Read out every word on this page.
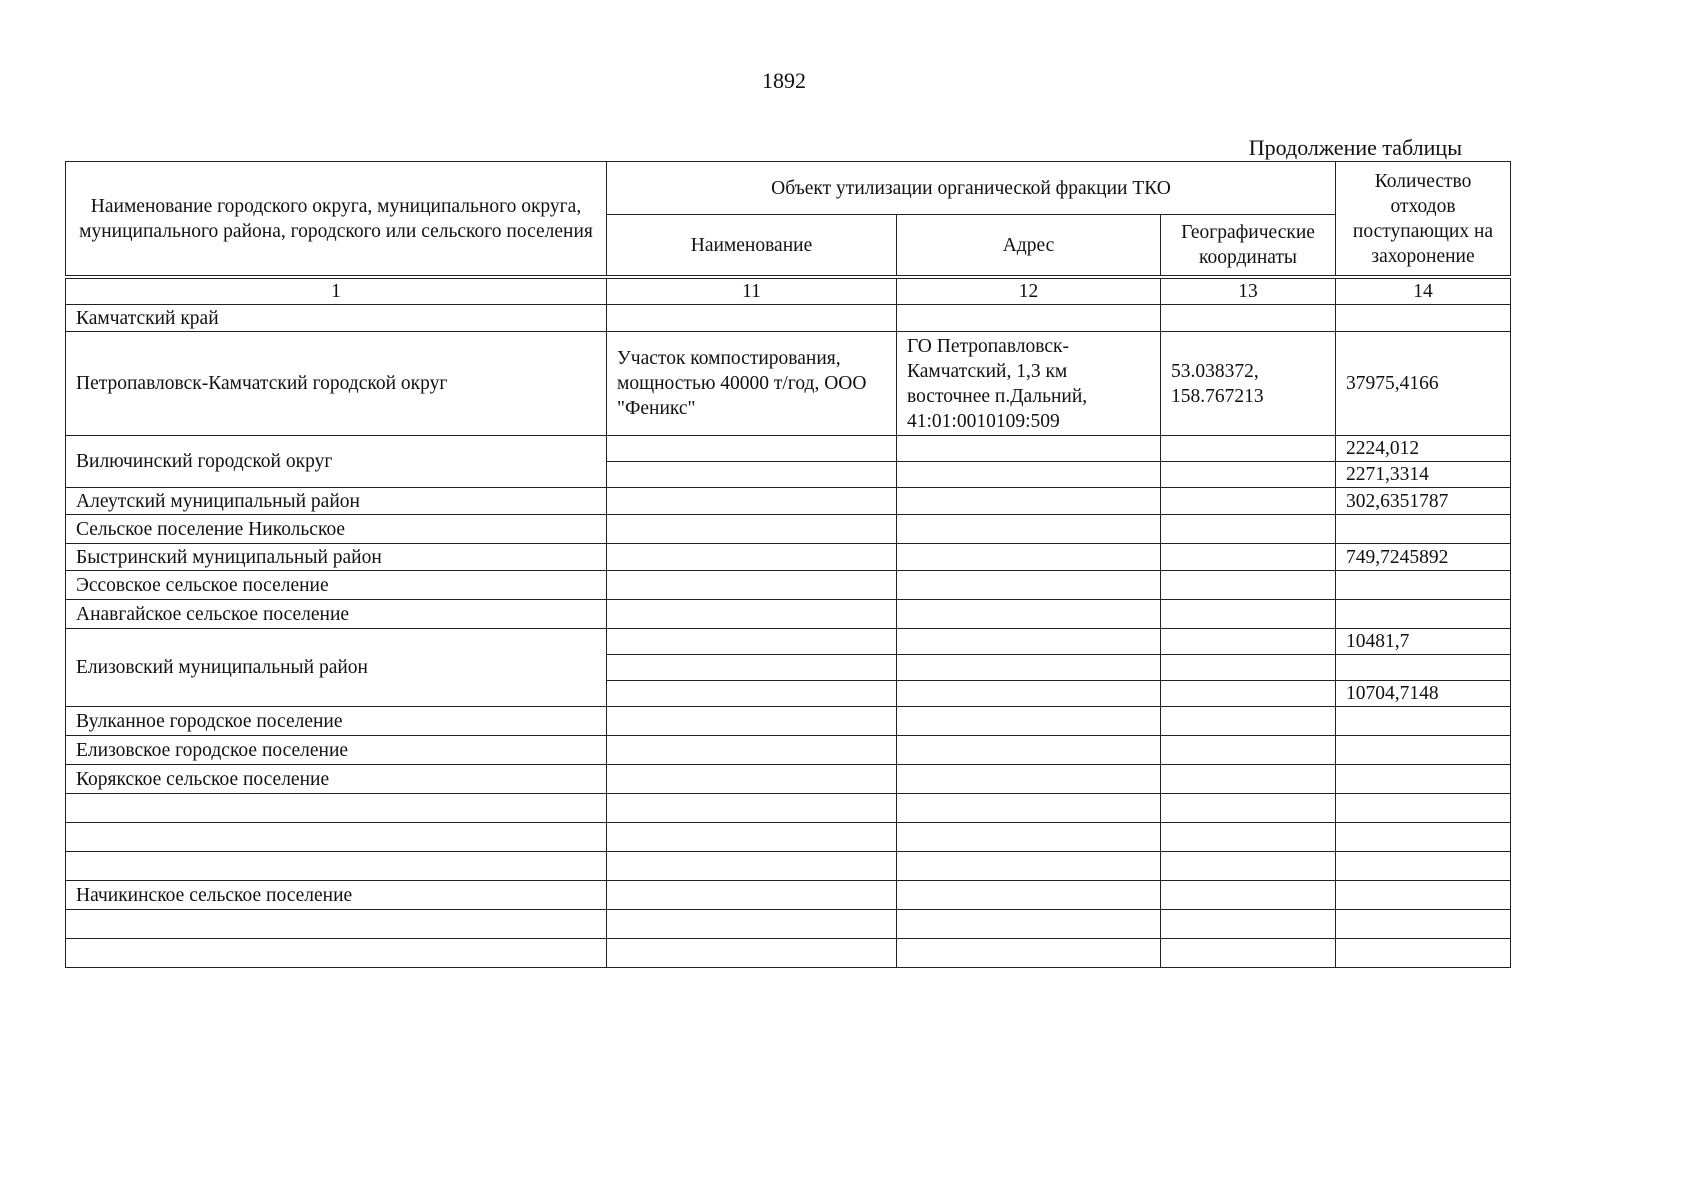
1892
Продолжение таблицы
Наименование городского округа, муниципального округа, муниципального района, городского или сельского поселения	Объект утилизации органической фракции ТКО			Количество отходов поступающих на захоронение
	Наименование	Адрес	Географические координаты	

1	11	12	13	14
Камчатский край				
Петропавловск-Камчатский городской округ	Участок компостирования, мощностью 40000 т/год, ООО "Феникс"	ГО Петропавловск-Камчатский, 1,3 км восточнее п.Дальний, 41:01:0010109:509	53.038372, 158.767213	37975,4166
Вилючинский городской округ				2224,012
				2271,3314
Алеутский муниципальный район				302,6351787
Сельское поселение Никольское				
Быстринский муниципальный район				749,7245892
Эссовское сельское поселение				
Анавгайское сельское поселение				
Елизовский муниципальный район				10481,7

				10704,7148
Вулканное городское поселение				
Елизовское городское поселение				
Корякское сельское поселение				

Начикинское сельское поселение				
